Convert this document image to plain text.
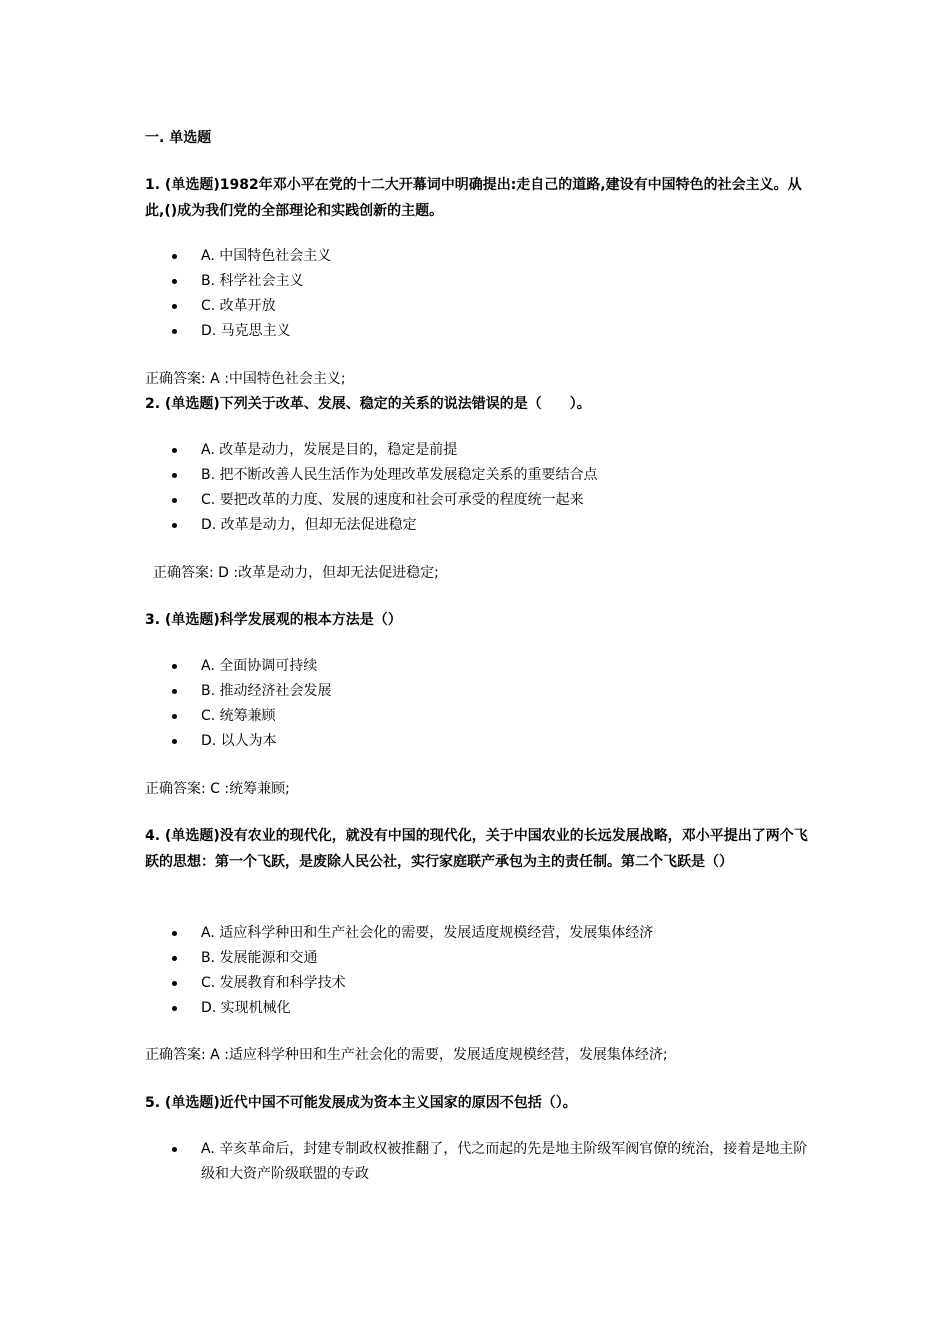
一. 单选题
1. (单选题)1982年邓小平在党的十二大开幕词中明确提出:走自己的道路,建设有中国特色的社会主义。从此,()成为我们党的全部理论和实践创新的主题。
A. 中国特色社会主义
B. 科学社会主义
C. 改革开放
D. 马克思主义
正确答案: A :中国特色社会主义;
2. (单选题)下列关于改革、发展、稳定的关系的说法错误的是（　　）。
A. 改革是动力，发展是目的，稳定是前提
B. 把不断改善人民生活作为处理改革发展稳定关系的重要结合点
C. 要把改革的力度、发展的速度和社会可承受的程度统一起来
D. 改革是动力，但却无法促进稳定
正确答案: D :改革是动力，但却无法促进稳定;
3. (单选题)科学发展观的根本方法是（）
A. 全面协调可持续
B. 推动经济社会发展
C. 统筹兼顾
D. 以人为本
正确答案: C :统筹兼顾;
4. (单选题)没有农业的现代化，就没有中国的现代化，关于中国农业的长远发展战略，邓小平提出了两个飞跃的思想：第一个飞跃，是废除人民公社，实行家庭联产承包为主的责任制。第二个飞跃是（）
A. 适应科学种田和生产社会化的需要，发展适度规模经营，发展集体经济
B. 发展能源和交通
C. 发展教育和科学技术
D. 实现机械化
正确答案: A :适应科学种田和生产社会化的需要，发展适度规模经营，发展集体经济;
5. (单选题)近代中国不可能发展成为资本主义国家的原因不包括（）。
A. 辛亥革命后，封建专制政权被推翻了，代之而起的先是地主阶级军阀官僚的统治，接着是地主阶级和大资产阶级联盟的专政
